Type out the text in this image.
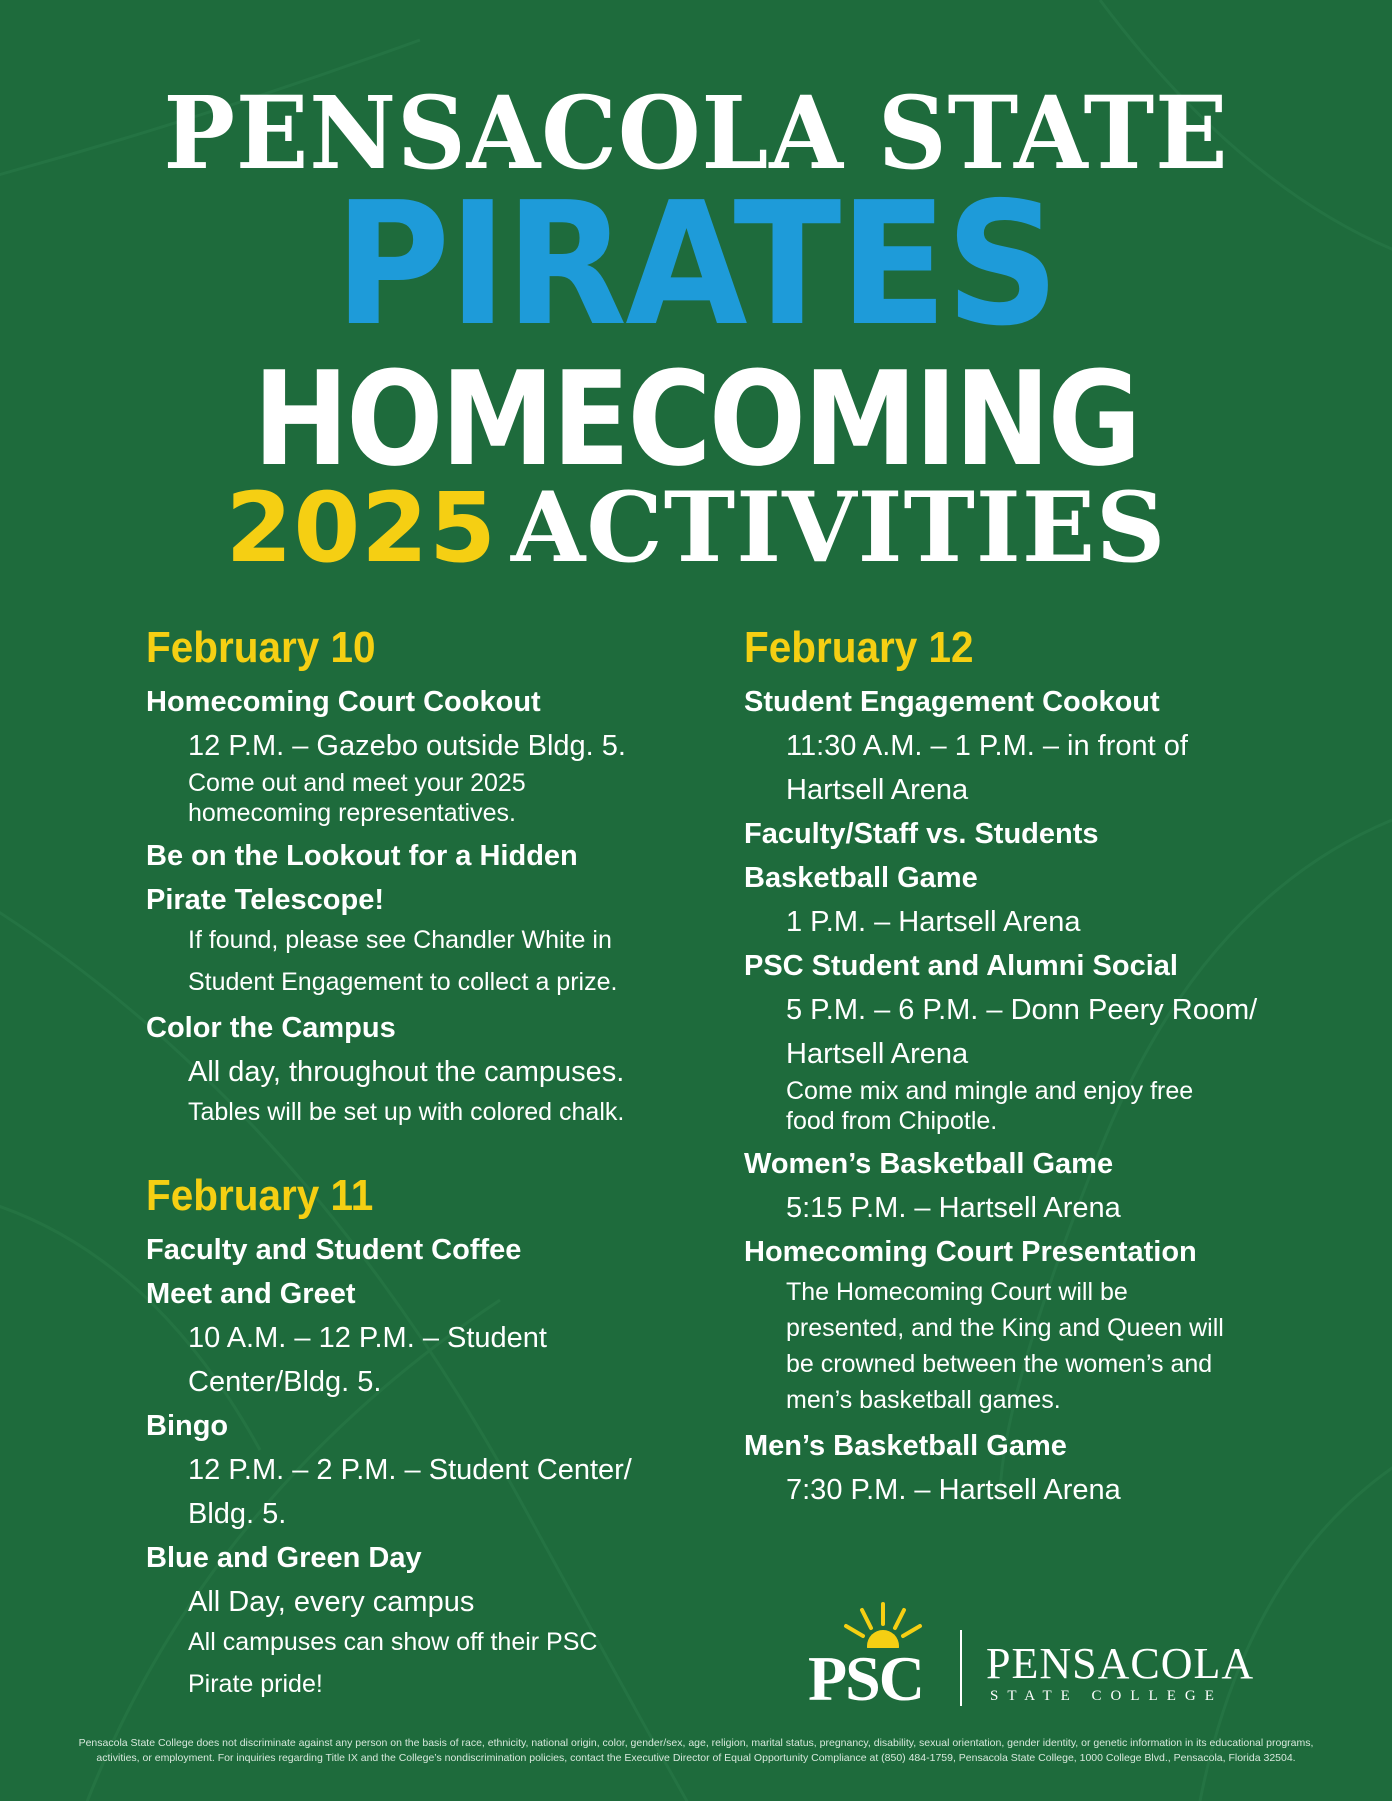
PENSACOLA STATE
PIRATES
HOMECOMING
2025 ACTIVITIES
February 10
Homecoming Court Cookout
12 P.M. – Gazebo outside Bldg. 5.
Come out and meet your 2025 homecoming representatives.
Be on the Lookout for a Hidden
Pirate Telescope!
If found, please see Chandler White in
Student Engagement to collect a prize.
Color the Campus
All day, throughout the campuses.
Tables will be set up with colored chalk.
February 11
Faculty and Student Coffee
Meet and Greet
10 A.M. – 12 P.M. – Student
Center/Bldg. 5.
Bingo
12 P.M. – 2 P.M. – Student Center/
Bldg. 5.
Blue and Green Day
All Day, every campus
All campuses can show off their PSC
Pirate pride!
February 12
Student Engagement Cookout
11:30 A.M. – 1 P.M. – in front of
Hartsell Arena
Faculty/Staff vs. Students
Basketball Game
1 P.M. – Hartsell Arena
PSC Student and Alumni Social
5 P.M. – 6 P.M. – Donn Peery Room/
Hartsell Arena
Come mix and mingle and enjoy free
food from Chipotle.
Women’s Basketball Game
5:15 P.M. – Hartsell Arena
Homecoming Court Presentation
The Homecoming Court will be
presented, and the King and Queen will
be crowned between the women’s and
men’s basketball games.
Men’s Basketball Game
7:30 P.M. – Hartsell Arena
PSC PENSACOLA
STATE COLLEGE
Pensacola State College does not discriminate against any person on the basis of race, ethnicity, national origin, color, gender/sex, age, religion, marital status, pregnancy, disability, sexual orientation, gender identity, or genetic information in its educational programs,
activities, or employment. For inquiries regarding Title IX and the College’s nondiscrimination policies, contact the Executive Director of Equal Opportunity Compliance at (850) 484-1759, Pensacola State College, 1000 College Blvd., Pensacola, Florida 32504.
